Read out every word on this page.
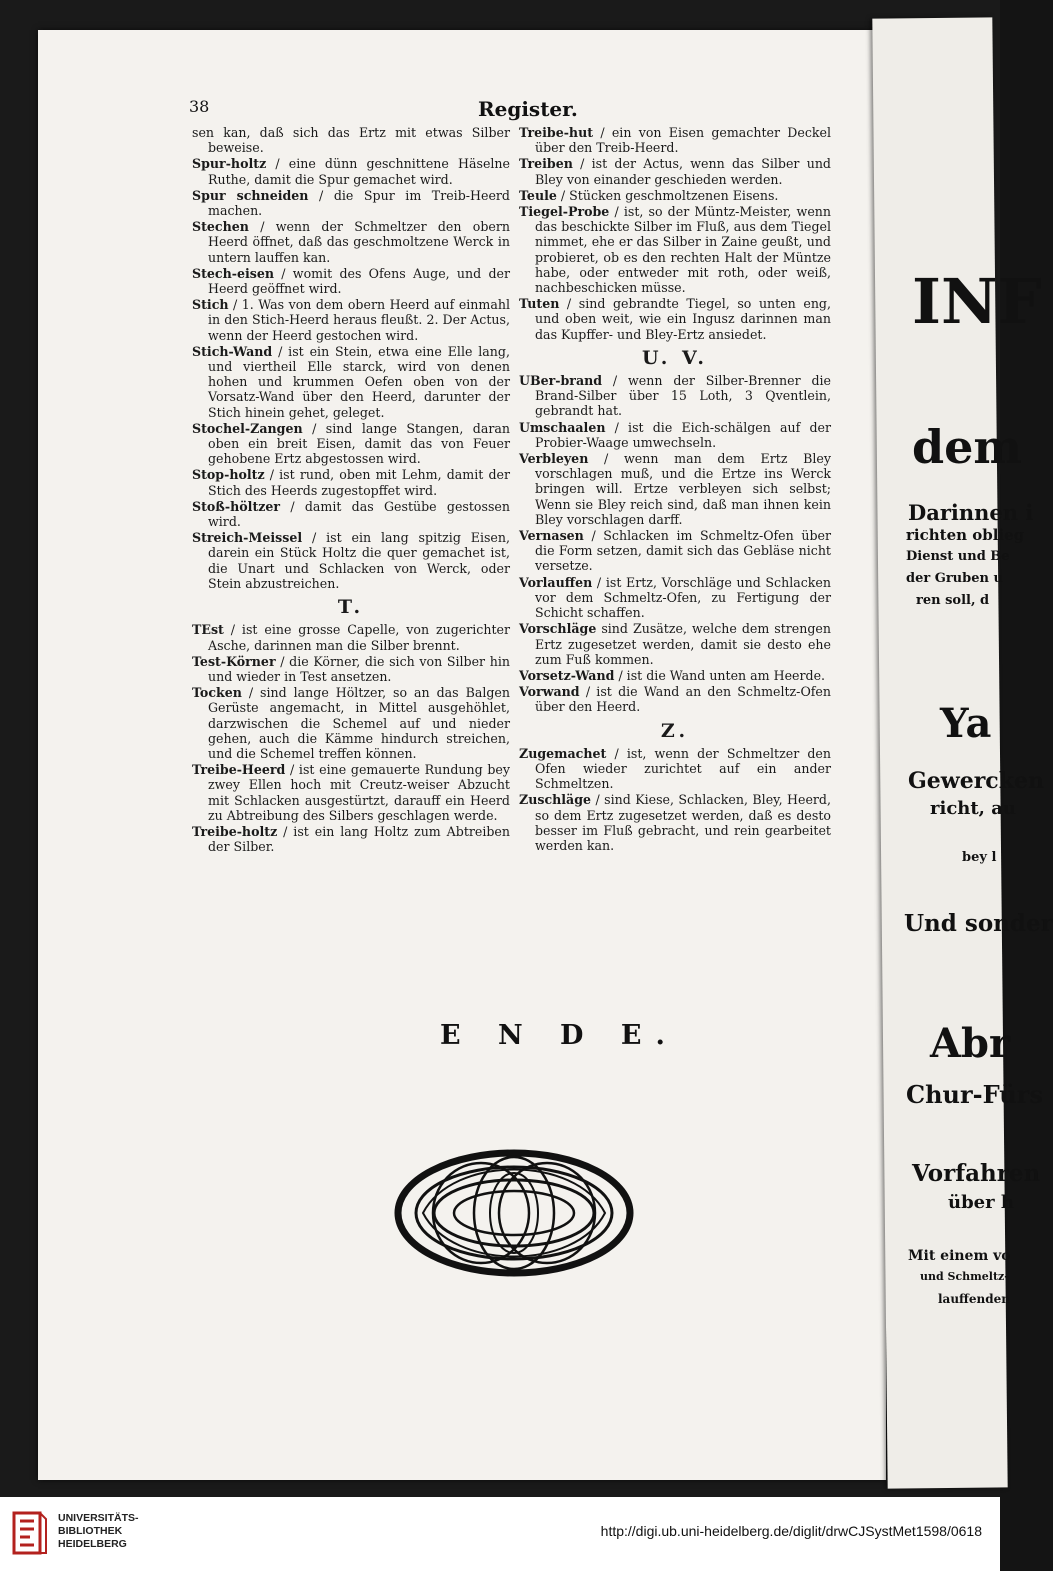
38	Register.
sen kan, daß sich das Ertz mit etwas Silber beweise.
Spur-holtz / eine dünn geschnittene Häselne Ruthe, damit die Spur gemachet wird.
Spur schneiden / die Spur im Treib-Heerd machen.
Stechen / wenn der Schmeltzer den obern Heerd öffnet, daß das geschmoltzene Werck in untern lauffen kan.
Stech-eisen / womit des Ofens Auge, und der Heerd geöffnet wird.
Stich / 1. Was von dem obern Heerd auf einmahl in den Stich-Heerd heraus fleußt. 2. Der Actus, wenn der Heerd gestochen wird.
Stich-Wand / ist ein Stein, etwa eine Elle lang, und viertheil Elle starck, wird von denen hohen und krummen Oefen oben von der Vorsatz-Wand über den Heerd, darunter der Stich hinein gehet, geleget.
Stochel-Zangen / sind lange Stangen, daran oben ein breit Eisen, damit das von Feuer gehobene Ertz abgestossen wird.
Stop-holtz / ist rund, oben mit Lehm, damit der Stich des Heerds zugestopffet wird.
Stoß-höltzer / damit das Gestübe gestossen wird.
Streich-Meissel / ist ein lang spitzig Eisen, darein ein Stück Holtz die quer gemachet ist, die Unart und Schlacken von Werck, oder Stein abzustreichen.
T.
TEst / ist eine grosse Capelle, von zugerichter Asche, darinnen man die Silber brennt.
Test-Körner / die Körner, die sich von Silber hin und wieder in Test ansetzen.
Tocken / sind lange Höltzer, so an das Balgen Gerüste angemacht, in Mittel ausgehöhlet, darzwischen die Schemel auf und nieder gehen, auch die Kämme hindurch streichen, und die Schemel treffen können.
Treibe-Heerd / ist eine gemauerte Rundung bey zwey Ellen hoch mit Creutz-weiser Abzucht mit Schlacken ausgestürtzt, darauff ein Heerd zu Abtreibung des Silbers geschlagen werde.
Treibe-holtz / ist ein lang Holtz zum Abtreiben der Silber.
Treibe-hut / ein von Eisen gemachter Deckel über den Treib-Heerd.
Treiben / ist der Actus, wenn das Silber und Bley von einander geschieden werden.
Teule / Stücken geschmoltzenen Eisens.
Tiegel-Probe / ist, so der Müntz-Meister, wenn das beschickte Silber im Fluß, aus dem Tiegel nimmet, ehe er das Silber in Zaine geußt, und probieret, ob es den rechten Halt der Müntze habe, oder entweder mit roth, oder weiß, nachbeschicken müsse.
Tuten / sind gebrandte Tiegel, so unten eng, und oben weit, wie ein Ingusz darinnen man das Kupffer- und Bley-Ertz ansiedet.
U. V.
UBer-brand / wenn der Silber-Brenner die Brand-Silber über 15 Loth, 3 Qventlein, gebrandt hat.
Umschaalen / ist die Eich-schälgen auf der Probier-Waage umwechseln.
Verbleyen / wenn man dem Ertz Bley vorschlagen muß, und die Ertze ins Werck bringen will. Ertze verbleyen sich selbst; Wenn sie Bley reich sind, daß man ihnen kein Bley vorschlagen darff.
Vernasen / Schlacken im Schmeltz-Ofen über die Form setzen, damit sich das Gebläse nicht versetze.
Vorlauffen / ist Ertz, Vorschläge und Schlacken vor dem Schmeltz-Ofen, zu Fertigung der Schicht schaffen.
Vorschläge sind Zusätze, welche dem strengen Ertz zugesetzet werden, damit sie desto ehe zum Fuß kommen.
Vorsetz-Wand / ist die Wand unten am Heerde.
Vorwand / ist die Wand an den Schmeltz-Ofen über den Heerd.
Z.
Zugemachet / ist, wenn der Schmeltzer den Ofen wieder zurichtet auf ein ander Schmeltzen.
Zuschläge / sind Kiese, Schlacken, Bley, Heerd, so dem Ertz zugesetzet werden, daß es desto besser im Fluß gebracht, und rein gearbeitet werden kan.
E N D E.
INF
dem
Darinnen i
richten oblieg
Dienst und Be
der Gruben u
ren soll, d
Ya
Gewercken
richt, au
bey l
Und sonder
Abr
Chur-Fürs
Vorfahren
über h
Mit einem vo
und Schmeltz-
lauffenden
UNIVERSITÄTS-
BIBLIOTHEK
HEIDELBERG
http://digi.ub.uni-heidelberg.de/diglit/drwCJSystMet1598/0618
